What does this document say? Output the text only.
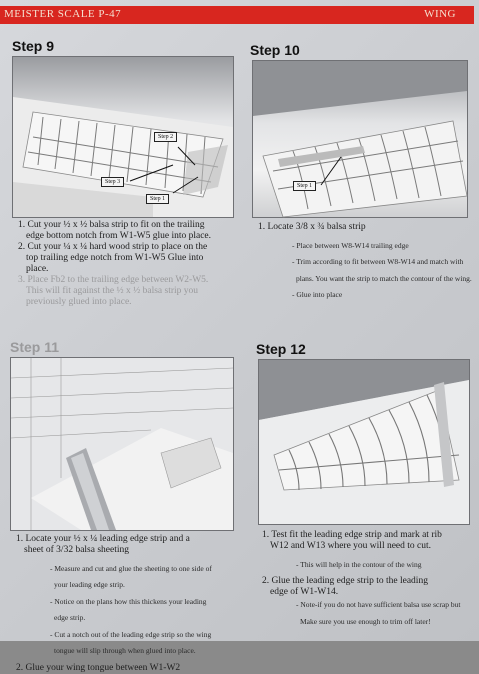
MEISTER SCALE P-47	WING
Step 9
Step 2
Step 3
Step 1

1. Cut your ½ x ½ balsa strip to fit on the trailing

edge bottom notch from W1-W5 glue into place.

2. Cut your ¼ x ¼ hard wood strip to place on the

top trailing edge notch from W1-W5 Glue into

place.

3. Place Fb2 to the trailing edge between W2-W5.

This will fit against the ½ x ½ balsa strip you

previously glued into place.

Step 10
Step 1

1. Locate 3/8 x ¾ balsa strip

- Place between W8-W14 trailing edge

- Trim according to fit between W8-W14 and match with

plans. You want the strip to match the contour of the wing.

- Glue into place

Step 11

1. Locate your ½ x ¼ leading edge strip and a

sheet of 3/32 balsa sheeting

- Measure and cut and glue the sheeting to one side of

your leading edge strip.

- Notice on the plans how this thickens your leading

edge strip.

- Cut a notch out of the leading edge strip so the wing

tongue will slip through when glued into place.

2. Glue your wing tongue between W1-W2

Step 12

1. Test fit the leading edge strip and mark at rib

W12 and W13 where you will need to cut.

- This will help in the contour of the wing

2. Glue the leading edge strip to the leading

edge of W1-W14.

- Note-if you do not have sufficient balsa use scrap but

Make sure you use enough to trim off later!
